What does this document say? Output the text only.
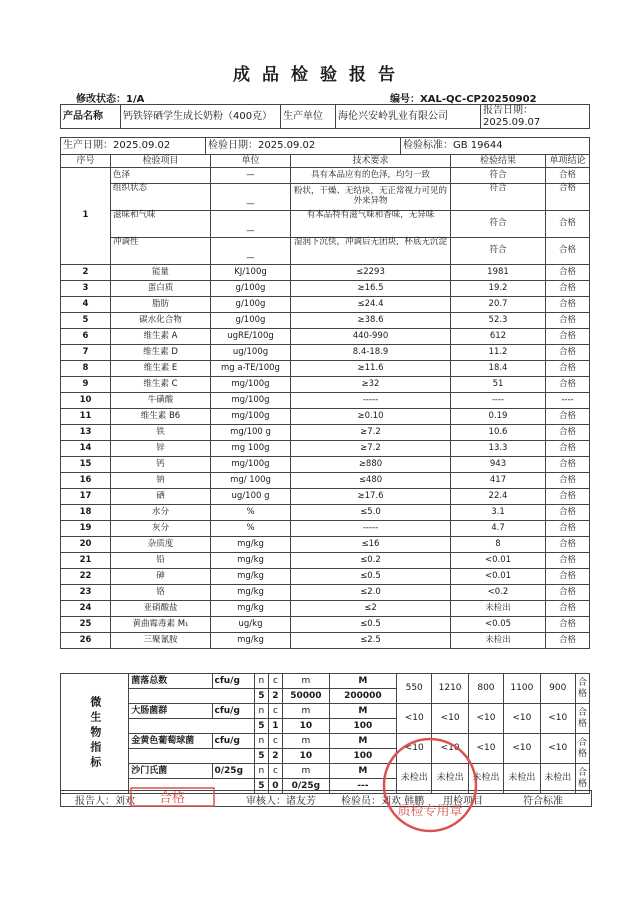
成品检验报告
修改状态：1/A	编号：XAL-QC-CP20250902
产品名称	钙铁锌硒学生成长奶粉（400克）	生产单位	海伦兴安岭乳业有限公司	报告日期：2025.09.07
生产日期：2025.09.02	检验日期：2025.09.02	检验标准：GB 19644
序号	检验项目	单位	技术要求	检验结果	单项结论
1	色泽	—	具有本品应有的色泽，均匀一致	符合	合格
	组织状态	—	粉状，干燥、无结块，无正常视力可见的外来异物	符合	合格
	滋味和气味	—	有本品特有滋气味和香味，无异味	符合	合格
	冲调性	—	湿润下沉快，冲调后无团块，杯底无沉淀	符合	合格
2	能量	KJ/100g	≤2293	1981	合格
3	蛋白质	g/100g	≥16.5	19.2	合格
4	脂肪	g/100g	≤24.4	20.7	合格
5	碳水化合物	g/100g	≥38.6	52.3	合格
6	维生素 A	ugRE/100g	440-990	612	合格
7	维生素 D	ug/100g	8.4-18.9	11.2	合格
8	维生素 E	mg a-TE/100g	≥11.6	18.4	合格
9	维生素 C	mg/100g	≥32	51	合格
10	牛磺酸	mg/100g	-----	----	----
11	维生素 B6	mg/100g	≥0.10	0.19	合格
13	铁	mg/100 g	≥7.2	10.6	合格
14	锌	mg 100g	≥7.2	13.3	合格
15	钙	mg/100g	≥880	943	合格
16	钠	mg/ 100g	≤480	417	合格
17	硒	ug/100 g	≥17.6	22.4	合格
18	水分	%	≤5.0	3.1	合格
19	灰分	%	-----	4.7	合格
20	杂质度	mg/kg	≤16	8	合格
21	铅	mg/kg	≤0.2	<0.01	合格
22	砷	mg/kg	≤0.5	<0.01	合格
23	铬	mg/kg	≤2.0	<0.2	合格
24	亚硝酸盐	mg/kg	≤2	未检出	合格
25	黄曲霉毒素 M₁	ug/kg	≤0.5	<0.05	合格
26	三聚氰胺	mg/kg	≤2.5	未检出	合格
微生物指标	菌落总数	cfu/g	n	c	m	M	550	1210	800	1100	900	合格
			5	2	50000	200000						
	大肠菌群	cfu/g	n	c	m	M	<10	<10	<10	<10	<10	合格
			5	1	10	100						
	金黄色葡萄球菌	cfu/g	n	c	m	M	<10	<10	<10	<10	<10	合格
			5	2	10	100						
	沙门氏菌	0/25g	n	c	m	M	未检出	未检出	未检出	未检出	未检出	合格
			5	0	0/25g	---						
报告人：刘欢	审核人：诸友芳	检验员：刘欢 韩鹏 用检项目	符合标准
质检专用章
合格
